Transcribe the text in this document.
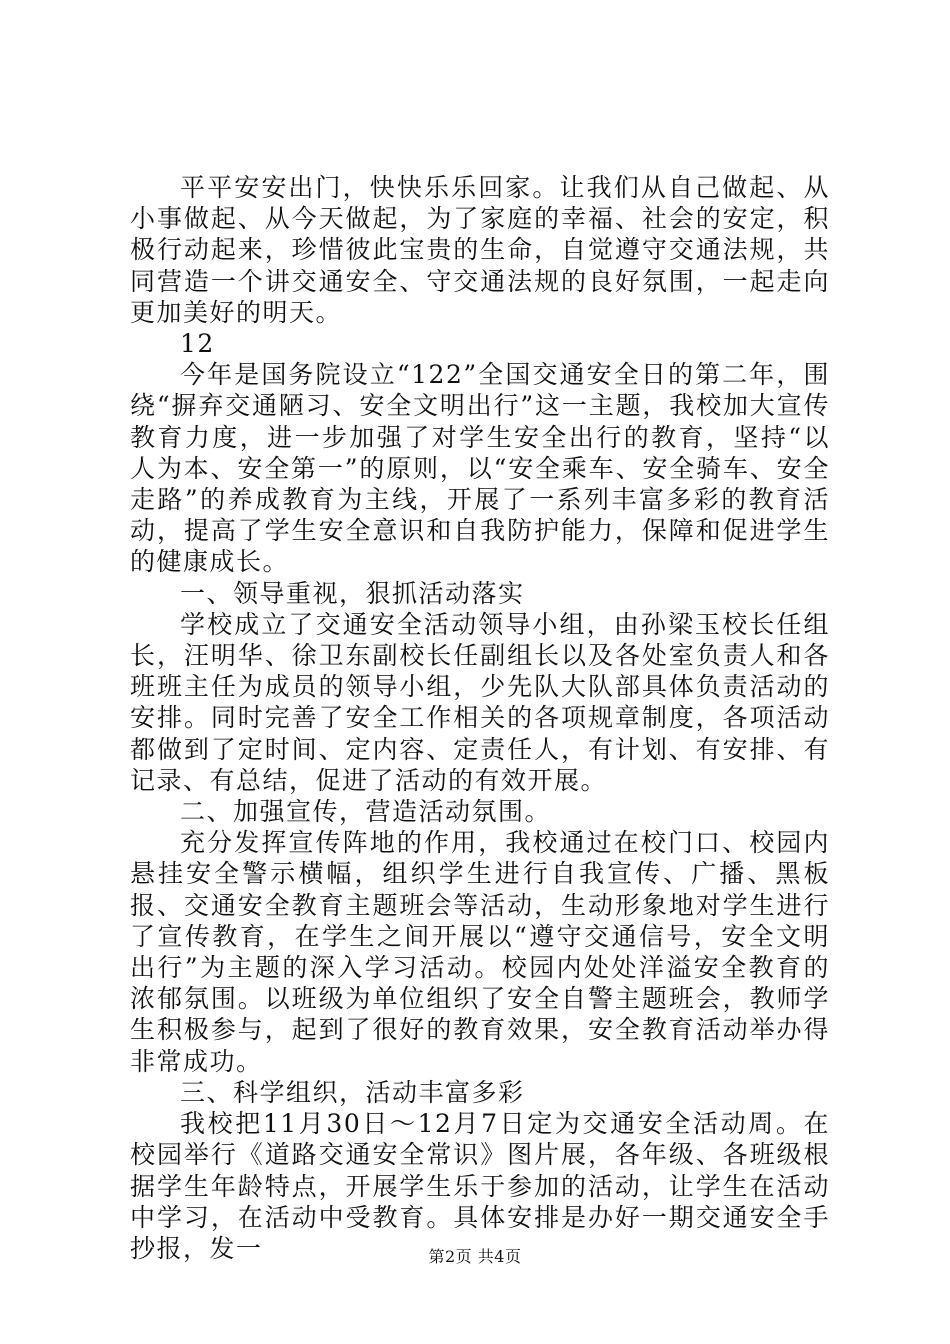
平平安安出门，快快乐乐回家。让我们从自己做起、从小事做起、从今天做起，为了家庭的幸福、社会的安定，积极行动起来，珍惜彼此宝贵的生命，自觉遵守交通法规，共同营造一个讲交通安全、守交通法规的良好氛围，一起走向更加美好的明天。

12

今年是国务院设立“122”全国交通安全日的第二年，围绕“摒弃交通陋习、安全文明出行”这一主题，我校加大宣传教育力度，进一步加强了对学生安全出行的教育，坚持“以人为本、安全第一”的原则，以“安全乘车、安全骑车、安全走路”的养成教育为主线，开展了一系列丰富多彩的教育活动，提高了学生安全意识和自我防护能力，保障和促进学生的健康成长。

一、领导重视，狠抓活动落实

学校成立了交通安全活动领导小组，由孙梁玉校长任组长，汪明华、徐卫东副校长任副组长以及各处室负责人和各班班主任为成员的领导小组，少先队大队部具体负责活动的安排。同时完善了安全工作相关的各项规章制度，各项活动都做到了定时间、定内容、定责任人，有计划、有安排、有记录、有总结，促进了活动的有效开展。

二、加强宣传，营造活动氛围。

充分发挥宣传阵地的作用，我校通过在校门口、校园内悬挂安全警示横幅，组织学生进行自我宣传、广播、黑板报、交通安全教育主题班会等活动，生动形象地对学生进行了宣传教育，在学生之间开展以“遵守交通信号，安全文明出行”为主题的深入学习活动。校园内处处洋溢安全教育的浓郁氛围。以班级为单位组织了安全自警主题班会，教师学生积极参与，起到了很好的教育效果，安全教育活动举办得非常成功。

三、科学组织，活动丰富多彩

我校把11月30日～12月7日定为交通安全活动周。在校园举行《道路交通安全常识》图片展，各年级、各班级根据学生年龄特点，开展学生乐于参加的活动，让学生在活动中学习，在活动中受教育。具体安排是办好一期交通安全手抄报，发一	第2页 共4页
